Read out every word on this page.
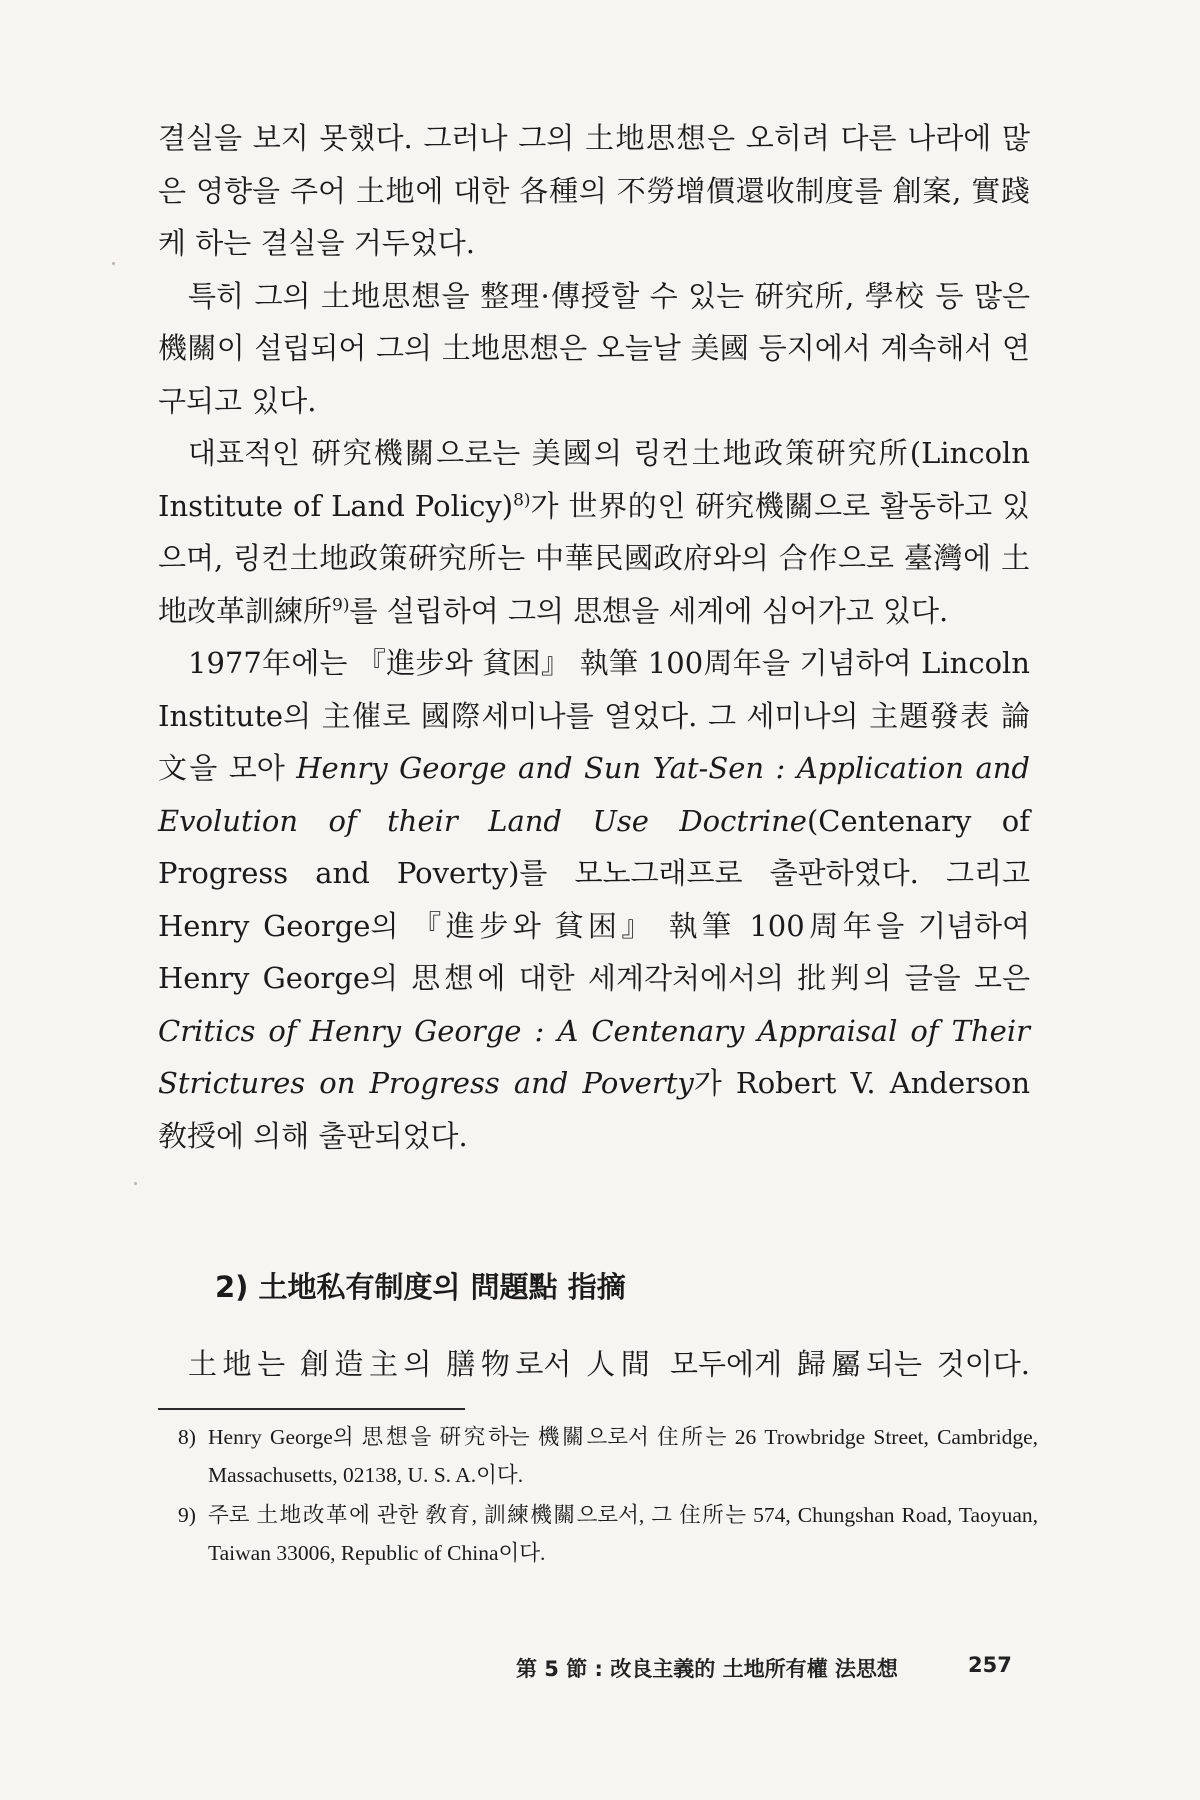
결실을 보지 못했다. 그러나 그의 土地思想은 오히려 다른 나라에 많은 영향을 주어 土地에 대한 各種의 不勞增價還收制度를 創案, 實踐케 하는 결실을 거두었다.

특히 그의 土地思想을 整理·傳授할 수 있는 硏究所, 學校 등 많은 機關이 설립되어 그의 土地思想은 오늘날 美國 등지에서 계속해서 연구되고 있다.

대표적인 硏究機關으로는 美國의 링컨土地政策硏究所(Lincoln Institute of Land Policy)$^{8)}$가 世界的인 硏究機關으로 활동하고 있으며, 링컨土地政策硏究所는 中華民國政府와의 合作으로 臺灣에 土地改革訓練所$^{9)}$를 설립하여 그의 思想을 세계에 심어가고 있다.

1977年에는 『進步와 貧困』 執筆 100周年을 기념하여 Lincoln Institute의 主催로 國際세미나를 열었다. 그 세미나의 主題發表 論文을 모아 Henry George and Sun Yat-Sen : Application and Evolution of their Land Use Doctrine(Centenary of Progress and Poverty)를 모노그래프로 출판하였다. 그리고 Henry George의 『進步와 貧困』 執筆 100周年을 기념하여 Henry George의 思想에 대한 세계각처에서의 批判의 글을 모은 Critics of Henry George : A Centenary Appraisal of Their Strictures on Progress and Poverty가 Robert V. Anderson 敎授에 의해 출판되었다.

2) 土地私有制度의 問題點 指摘

土地는 創造主의 膳物로서 人間 모두에게 歸屬되는 것이다.

8) Henry George의 思想을 硏究하는 機關으로서 住所는 26 Trowbridge Street, Cambridge, Massachusetts, 02138, U. S. A.이다.
9) 주로 土地改革에 관한 敎育, 訓練機關으로서, 그 住所는 574, Chungshan Road, Taoyuan, Taiwan 33006, Republic of China이다.
第 5 節 : 改良主義的 土地所有權 法思想	257
